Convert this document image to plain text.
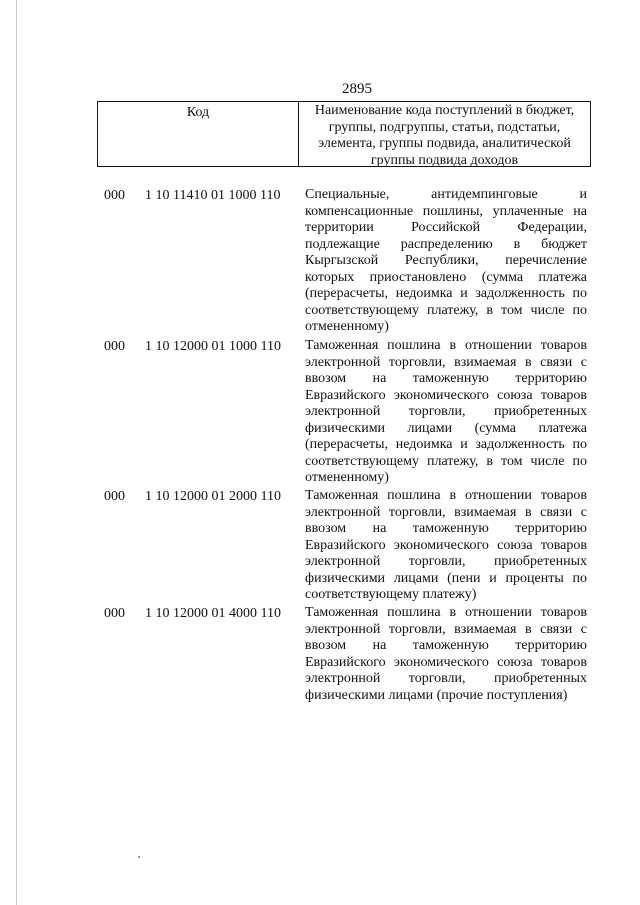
2895
Код	Наименование кода поступлений в бюджет, группы, подгруппы, статьи, подстатьи, элемента, группы подвида, аналитической группы подвида доходов
000 1 10 11410 01 1000 110 Специальные, антидемпинговые и компенсационные пошлины, уплаченные на территории Российской Федерации, подлежащие распределению в бюджет Кыргызской Республики, перечисление которых приостановлено (сумма платежа (перерасчеты, недоимка и задолженность по соответствующему платежу, в том числе по отмененному)
000 1 10 12000 01 1000 110 Таможенная пошлина в отношении товаров электронной торговли, взимаемая в связи с ввозом на таможенную территорию Евразийского экономического союза товаров электронной торговли, приобретенных физическими лицами (сумма платежа (перерасчеты, недоимка и задолженность по соответствующему платежу, в том числе по отмененному)
000 1 10 12000 01 2000 110 Таможенная пошлина в отношении товаров электронной торговли, взимаемая в связи с ввозом на таможенную территорию Евразийского экономического союза товаров электронной торговли, приобретенных физическими лицами (пени и проценты по соответствующему платежу)
000 1 10 12000 01 4000 110 Таможенная пошлина в отношении товаров электронной торговли, взимаемая в связи с ввозом на таможенную территорию Евразийского экономического союза товаров электронной торговли, приобретенных физическими лицами (прочие поступления)
